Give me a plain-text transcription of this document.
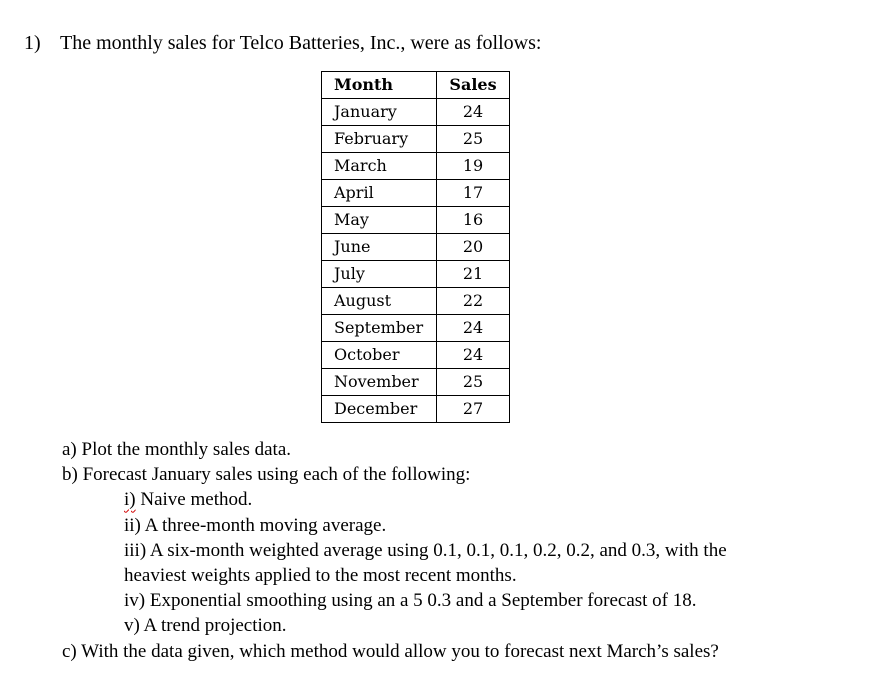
1) The monthly sales for Telco Batteries, Inc., were as follows:
Month	Sales
January	24
February	25
March	19
April	17
May	16
June	20
July	21
August	22
September	24
October	24
November	25
December	27
a) Plot the monthly sales data.
b) Forecast January sales using each of the following:
i) Naive method.
ii) A three-month moving average.
iii) A six-month weighted average using 0.1, 0.1, 0.1, 0.2, 0.2, and 0.3, with the
heaviest weights applied to the most recent months.
iv) Exponential smoothing using an a 5 0.3 and a September forecast of 18.
v) A trend projection.
c) With the data given, which method would allow you to forecast next March’s sales?
